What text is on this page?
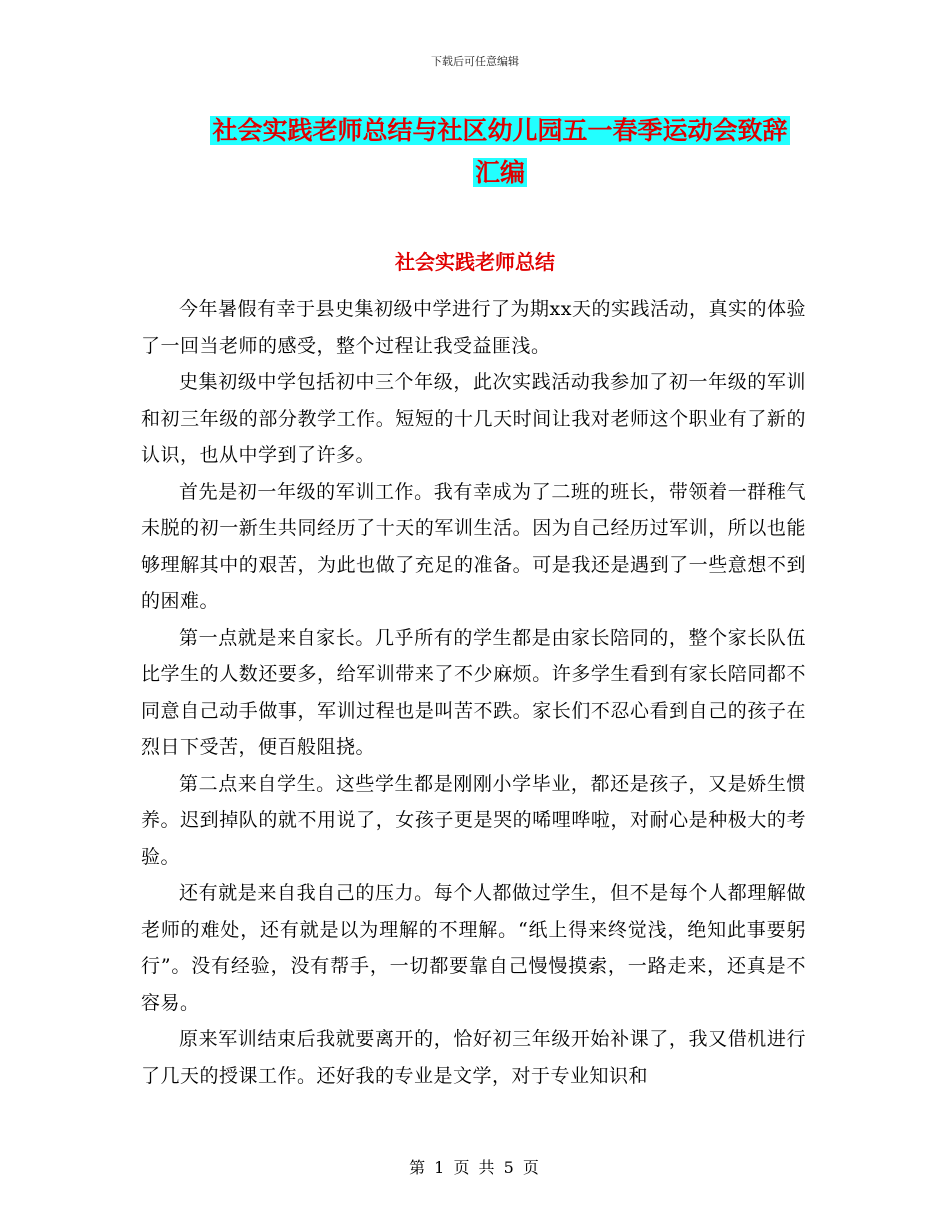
下载后可任意编辑
社会实践老师总结与社区幼儿园五一春季运动会致辞
汇编
社会实践老师总结

今年暑假有幸于县史集初级中学进行了为期xx天的实践活动，真实的体验了一回当老师的感受，整个过程让我受益匪浅。

史集初级中学包括初中三个年级，此次实践活动我参加了初一年级的军训和初三年级的部分教学工作。短短的十几天时间让我对老师这个职业有了新的认识，也从中学到了许多。

首先是初一年级的军训工作。我有幸成为了二班的班长，带领着一群稚气未脱的初一新生共同经历了十天的军训生活。因为自己经历过军训，所以也能够理解其中的艰苦，为此也做了充足的准备。可是我还是遇到了一些意想不到的困难。

第一点就是来自家长。几乎所有的学生都是由家长陪同的，整个家长队伍比学生的人数还要多，给军训带来了不少麻烦。许多学生看到有家长陪同都不同意自己动手做事，军训过程也是叫苦不跌。家长们不忍心看到自己的孩子在烈日下受苦，便百般阻挠。

第二点来自学生。这些学生都是刚刚小学毕业，都还是孩子，又是娇生惯养。迟到掉队的就不用说了，女孩子更是哭的唏哩哗啦，对耐心是种极大的考验。

还有就是来自我自己的压力。每个人都做过学生，但不是每个人都理解做老师的难处，还有就是以为理解的不理解。“纸上得来终觉浅，绝知此事要躬行”。没有经验，没有帮手，一切都要靠自己慢慢摸索，一路走来，还真是不容易。

原来军训结束后我就要离开的，恰好初三年级开始补课了，我又借机进行了几天的授课工作。还好我的专业是文学，对于专业知识和

第 1 页 共 5 页
